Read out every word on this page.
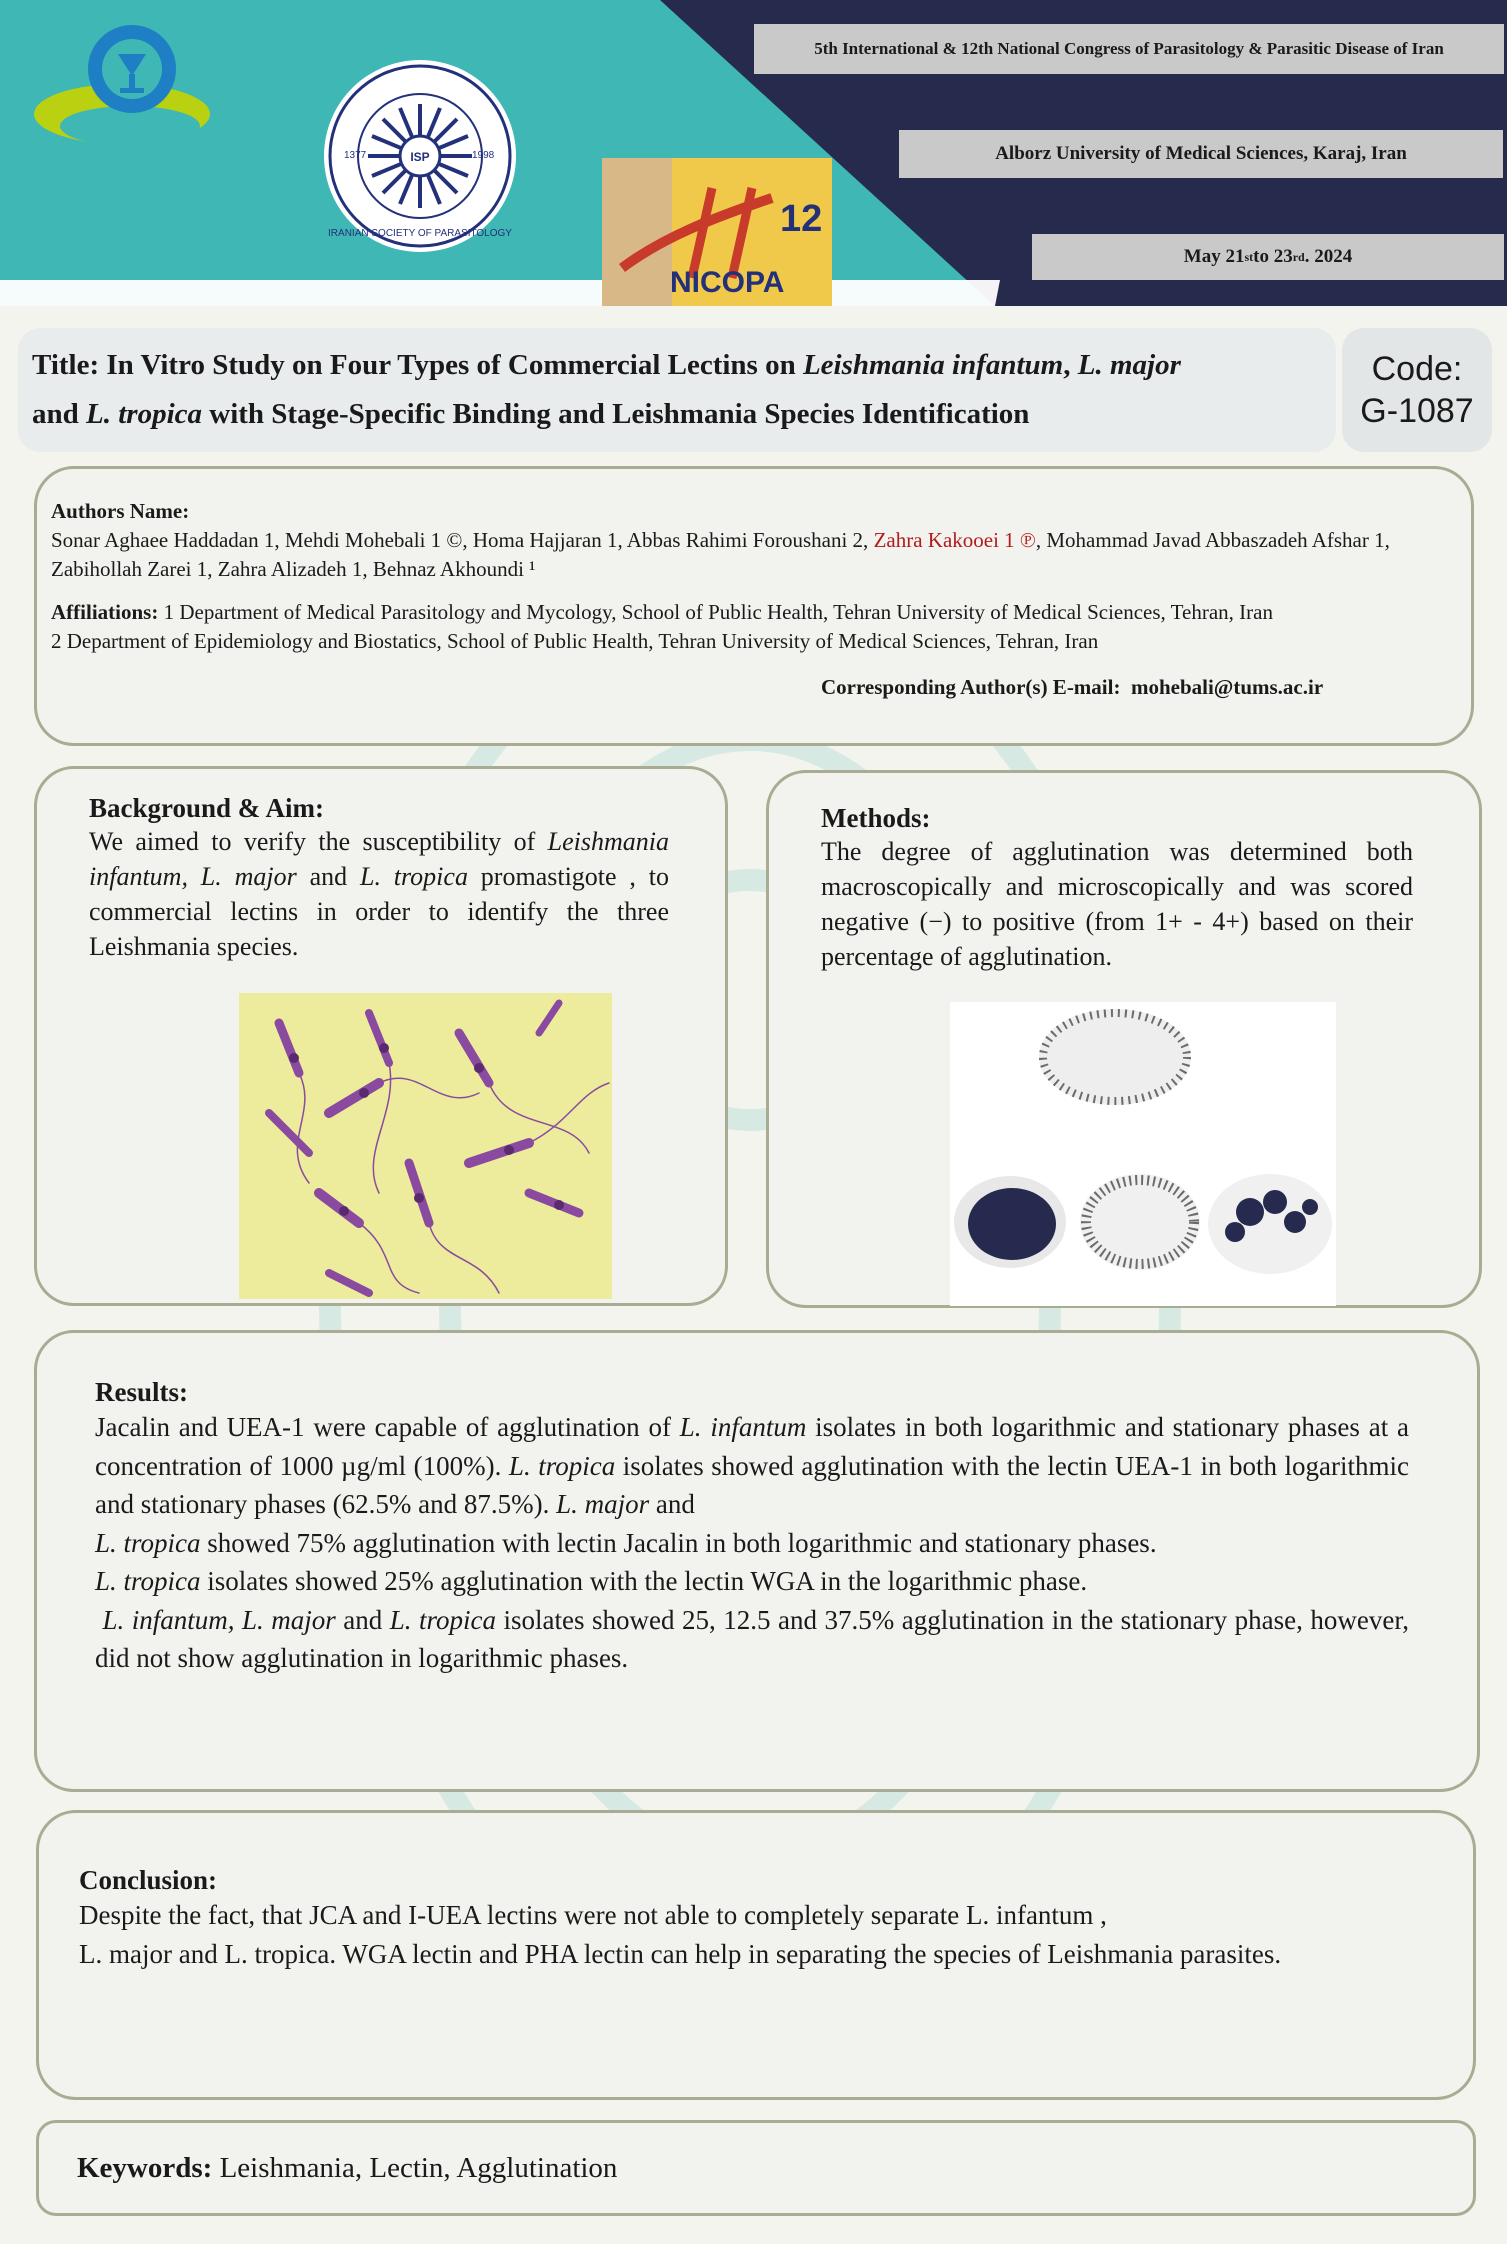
ISP
IRANIAN SOCIETY OF PARASITOLOGY
1377	1998
NICOPA
12
5th International & 12th National Congress of Parasitology & Parasitic Disease of Iran
Alborz University of Medical Sciences, Karaj, Iran
May 21 st to 23 rd . 2024
Title: In Vitro Study on Four Types of Commercial Lectins on Leishmania infantum, L. major
and L. tropica with Stage-Specific Binding and Leishmania Species Identification
Code:
G-1087
Authors Name:
Sonar Aghaee Haddadan 1, Mehdi Mohebali 1 ©, Homa Hajjaran 1, Abbas Rahimi Foroushani 2, Zahra Kakooei 1 ℗, Mohammad Javad Abbaszadeh Afshar 1, Zabihollah Zarei 1, Zahra Alizadeh 1, Behnaz Akhoundi ¹
Affiliations: 1 Department of Medical Parasitology and Mycology, School of Public Health, Tehran University of Medical Sciences, Tehran, Iran
2 Department of Epidemiology and Biostatics, School of Public Health, Tehran University of Medical Sciences, Tehran, Iran
Corresponding Author(s) E-mail: mohebali@tums.ac.ir
Background & Aim:
We aimed to verify the susceptibility of Leishmania infantum, L. major and L. tropica promastigote , to commercial lectins in order to identify the three Leishmania species.
Methods:
The degree of agglutination was determined both macroscopically and microscopically and was scored negative (−) to positive (from 1+ - 4+) based on their percentage of agglutination.
Results:
Jacalin and UEA-1 were capable of agglutination of L. infantum isolates in both logarithmic and stationary phases at a concentration of 1000 µg/ml (100%). L. tropica isolates showed agglutination with the lectin UEA-1 in both logarithmic and stationary phases (62.5% and 87.5%). L. major and
L. tropica showed 75% agglutination with lectin Jacalin in both logarithmic and stationary phases.
L. tropica isolates showed 25% agglutination with the lectin WGA in the logarithmic phase.
L. infantum, L. major and L. tropica isolates showed 25, 12.5 and 37.5% agglutination in the stationary phase, however, did not show agglutination in logarithmic phases.
Conclusion:
Despite the fact, that JCA and I-UEA lectins were not able to completely separate L. infantum ,
L. major and L. tropica. WGA lectin and PHA lectin can help in separating the species of Leishmania parasites.
Keywords: Leishmania, Lectin, Agglutination
